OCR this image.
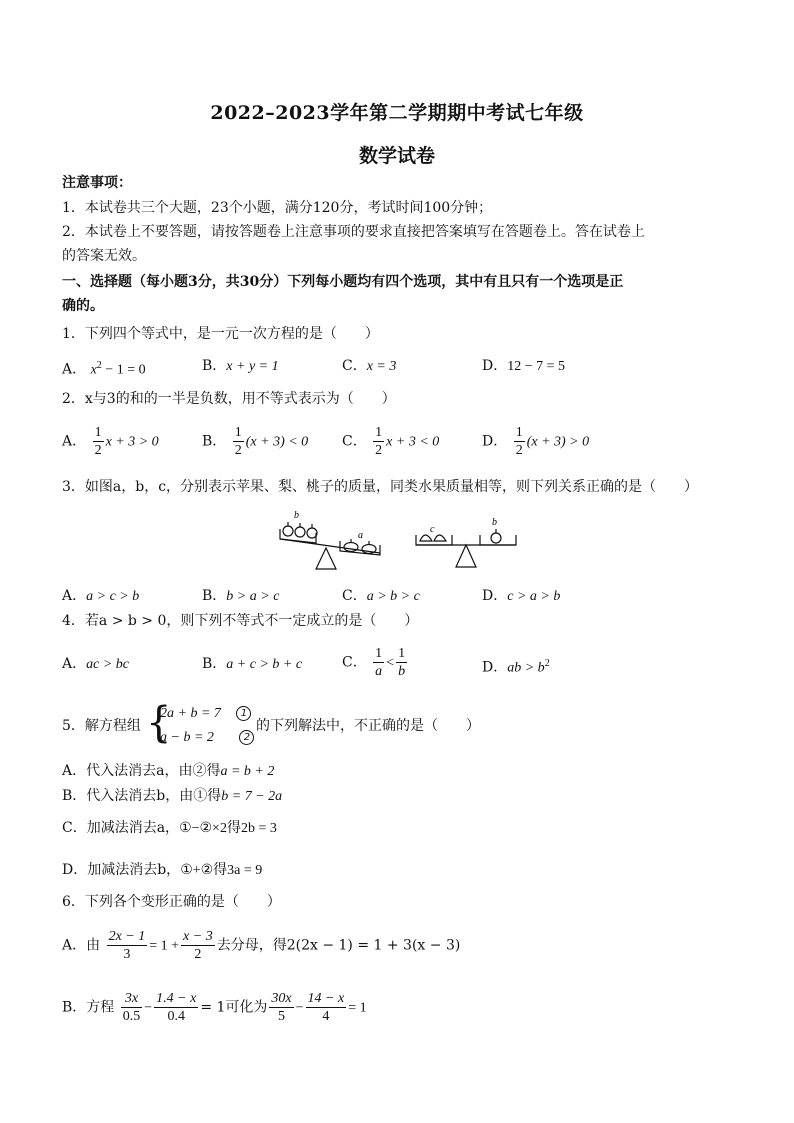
2022–2023学年第二学期期中考试七年级
数学试卷
注意事项：
1．本试卷共三个大题，23个小题，满分120分，考试时间100分钟；
2．本试卷上不要答题，请按答题卷上注意事项的要求直接把答案填写在答题卷上。答在试卷上
的答案无效。
一、选择题（每小题3分，共30分）下列每小题均有四个选项，其中有且只有一个选项是正
确的。
1．下列四个等式中，是一元一次方程的是（　　）
A． $x^2 - 1 = 0$	B．x + y = 1	C．x = 3	D．12 − 7 = 5
2．x与3的和的一半是负数，用不等式表示为（　　）
A． $\frac{1}{2}$ x + 3 > 0	B． $\frac{1}{2} (x + 3) < 0$ C． $\frac{1}{2}$ x + 3 < 0	D． $\frac{1}{2} (x + 3) > 0$
3．如图a，b，c，分别表示苹果、梨、桃子的质量，同类水果质量相等，则下列关系正确的是（　　）
b
a
c
b
A．a > c > b	B．b > a > c	C．a > b > c	D．c > a > b
4．若a > b > 0，则下列不等式不一定成立的是（　　）
A．ac > bc	B．a + c > b + c	C． $\frac{1}{a} < \frac{1}{b}$	D．ab > $b^2$
5．解方程组 {
2a + b = 7 1
a − b = 2	2
的下列解法中，不正确的是（　　）
A．代入法消去a，由②得a = b + 2
B．代入法消去b，由①得b = 7 − 2a
C．加减法消去a，①−②×2得2b = 3
D．加减法消去b，①+②得3a = 9
6．下列各个变形正确的是（　　）
A．由 $\frac{2x - 1}{3} = 1 + \frac{x - 3}{2}$ 去分母，得2(2x − 1) = 1 + 3(x − 3)
B．方程 $\frac{3x}{0.5} - \frac{1.4 - x}{0.4} = 1$可化为 $\frac{30x}{5} - \frac{14 - x}{4} = 1$
